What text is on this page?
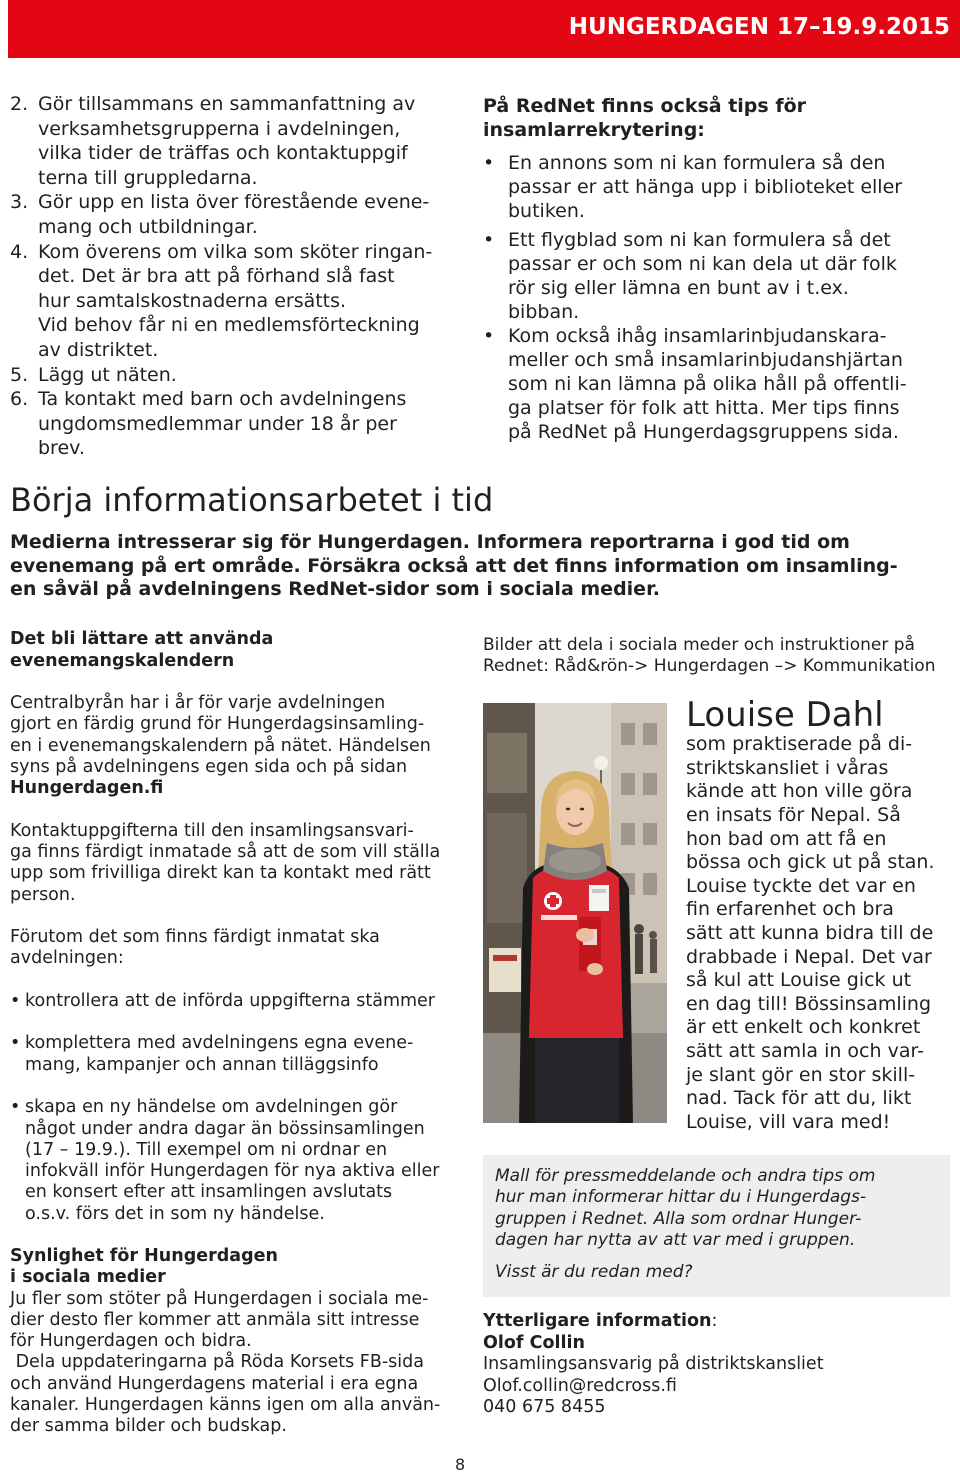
HUNGERDAGEN 17–19.9.2015
2. Gör tillsammans en sammanfattning av
verksamhetsgrupperna i avdelningen,
vilka tider de träffas och kontaktuppgif
terna till gruppledarna.
3. Gör upp en lista över förestående evene-
mang och utbildningar.
4. Kom överens om vilka som sköter ringan-
det. Det är bra att på förhand slå fast
hur samtalskostnaderna ersätts.
Vid behov får ni en medlemsförteckning
av distriktet.
5. Lägg ut näten.
6. Ta kontakt med barn och avdelningens
ungdomsmedlemmar under 18 år per
brev.
På RedNet finns också tips för
insamlarrekrytering:
•
En annons som ni kan formulera så den
passar er att hänga upp i biblioteket eller
butiken.
•
Ett flygblad som ni kan formulera så det
passar er och som ni kan dela ut där folk
rör sig eller lämna en bunt av i t.ex.
bibban.
•
Kom också ihåg insamlarinbjudanskara-
meller och små insamlarinbjudanshjärtan
som ni kan lämna på olika håll på offentli-
ga platser för folk att hitta. Mer tips finns
på RedNet på Hungerdagsgruppens sida.
Börja informationsarbetet i tid
Medierna intresserar sig för Hungerdagen. Informera reportrarna i god tid om
evenemang på ert område. Försäkra också att det finns information om insamling-
en såväl på avdelningens RedNet-sidor som i sociala medier.

Det bli lättare att använda
evenemangskalendern

Centralbyrån har i år för varje avdelningen
gjort en färdig grund för Hungerdagsinsamling-
en i evenemangskalendern på nätet. Händelsen
syns på avdelningens egen sida och på sidan
Hungerdagen.fi

Kontaktuppgifterna till den insamlingsansvari-
ga finns färdigt inmatade så att de som vill ställa
upp som frivilliga direkt kan ta kontakt med rätt
person.

Förutom det som finns färdigt inmatat ska
avdelningen:

•
kontrollera att de införda uppgifterna stämmer
•
komplettera med avdelningens egna evene-
mang, kampanjer och annan tilläggsinfo
•
skapa en ny händelse om avdelningen gör
något under andra dagar än bössinsamlingen
(17 – 19.9.). Till exempel om ni ordnar en
infokväll inför Hungerdagen för nya aktiva eller
en konsert efter att insamlingen avslutats
o.s.v. förs det in som ny händelse.

Synlighet för Hungerdagen
i sociala medier

Ju fler som stöter på Hungerdagen i sociala me-
dier desto fler kommer att anmäla sitt intresse
för Hungerdagen och bidra.
Dela uppdateringarna på Röda Korsets FB-sida
och använd Hungerdagens material i era egna
kanaler. Hungerdagen känns igen om alla använ-
der samma bilder och budskap.

Bilder att dela i sociala meder och instruktioner på
Rednet: Råd&rön-> Hungerdagen –> Kommunikation
Louise Dahl
som praktiserade på di-
striktskansliet i våras
kände att hon ville göra
en insats för Nepal. Så
hon bad om att få en
bössa och gick ut på stan.
Louise tyckte det var en
fin erfarenhet och bra
sätt att kunna bidra till de
drabbade i Nepal. Det var
så kul att Louise gick ut
en dag till! Bössinsamling
är ett enkelt och konkret
sätt att samla in och var-
je slant gör en stor skill-
nad. Tack för att du, likt
Louise, vill vara med!
Mall för pressmeddelande och andra tips om
hur man informerar hittar du i Hungerdags-
gruppen i Rednet. Alla som ordnar Hunger-
dagen har nytta av att var med i gruppen.
Visst är du redan med?
Ytterligare information:
Olof Collin
Insamlingsansvarig på distriktskansliet
Olof.collin@redcross.fi
040 675 8455
8
